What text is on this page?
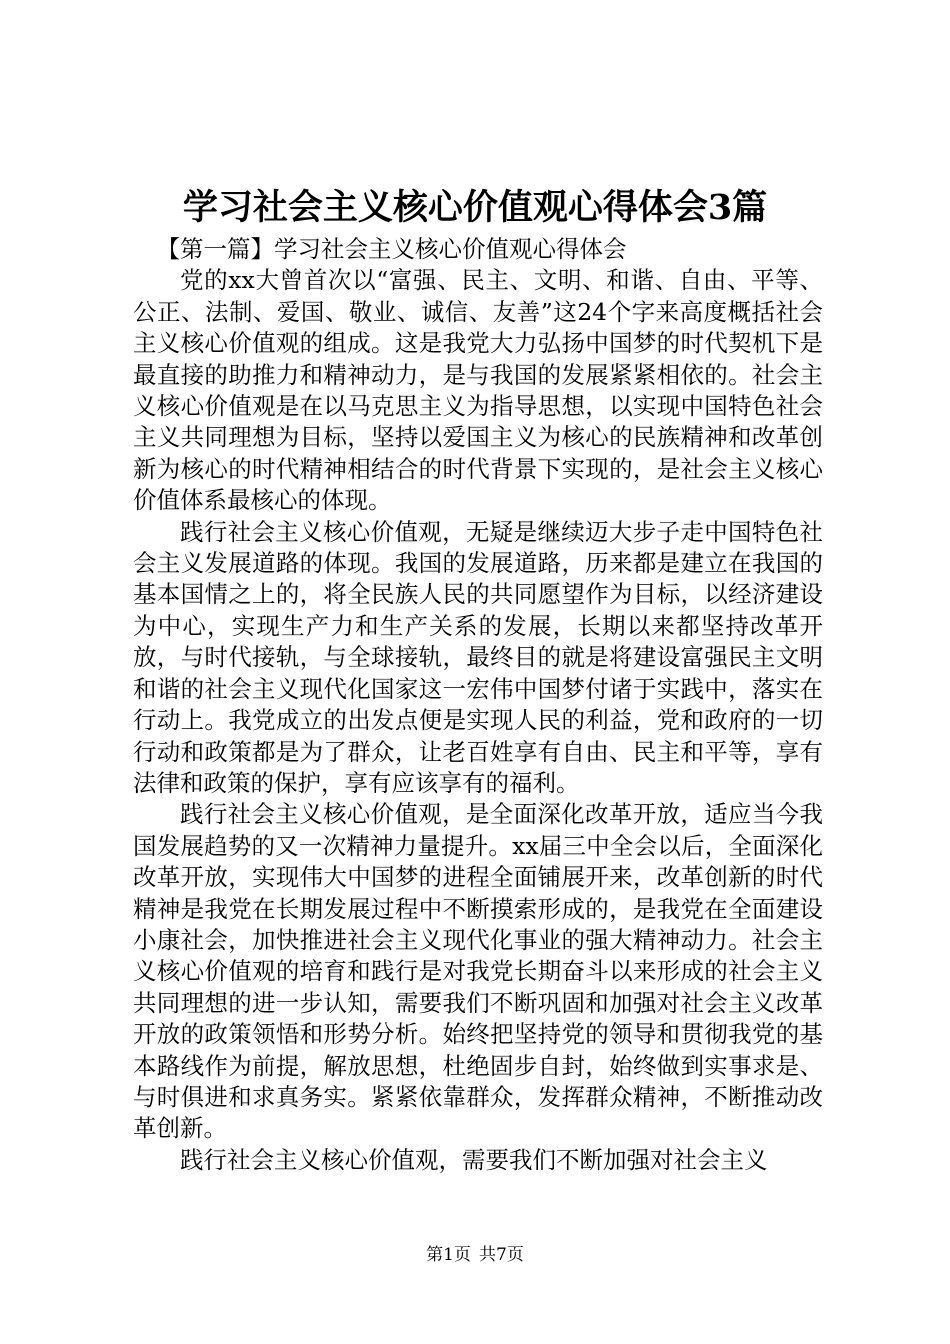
学习社会主义核心价值观心得体会3篇

【第一篇】学习社会主义核心价值观心得体会

党的xx大曾首次以“富强、民主、文明、和谐、自由、平等、公正、法制、爱国、敬业、诚信、友善”这24个字来高度概括社会主义核心价值观的组成。这是我党大力弘扬中国梦的时代契机下是最直接的助推力和精神动力，是与我国的发展紧紧相依的。社会主义核心价值观是在以马克思主义为指导思想，以实现中国特色社会主义共同理想为目标，坚持以爱国主义为核心的民族精神和改革创新为核心的时代精神相结合的时代背景下实现的，是社会主义核心价值体系最核心的体现。

践行社会主义核心价值观，无疑是继续迈大步子走中国特色社会主义发展道路的体现。我国的发展道路，历来都是建立在我国的基本国情之上的，将全民族人民的共同愿望作为目标，以经济建设为中心，实现生产力和生产关系的发展，长期以来都坚持改革开放，与时代接轨，与全球接轨，最终目的就是将建设富强民主文明和谐的社会主义现代化国家这一宏伟中国梦付诸于实践中，落实在行动上。我党成立的出发点便是实现人民的利益，党和政府的一切行动和政策都是为了群众，让老百姓享有自由、民主和平等，享有法律和政策的保护，享有应该享有的福利。

践行社会主义核心价值观，是全面深化改革开放，适应当今我国发展趋势的又一次精神力量提升。xx届三中全会以后，全面深化改革开放，实现伟大中国梦的进程全面铺展开来，改革创新的时代精神是我党在长期发展过程中不断摸索形成的，是我党在全面建设小康社会，加快推进社会主义现代化事业的强大精神动力。社会主义核心价值观的培育和践行是对我党长期奋斗以来形成的社会主义共同理想的进一步认知，需要我们不断巩固和加强对社会主义改革开放的政策领悟和形势分析。始终把坚持党的领导和贯彻我党的基本路线作为前提，解放思想，杜绝固步自封，始终做到实事求是、与时俱进和求真务实。紧紧依靠群众，发挥群众精神，不断推动改革创新。

践行社会主义核心价值观，需要我们不断加强对社会主义

第1页 共7页
